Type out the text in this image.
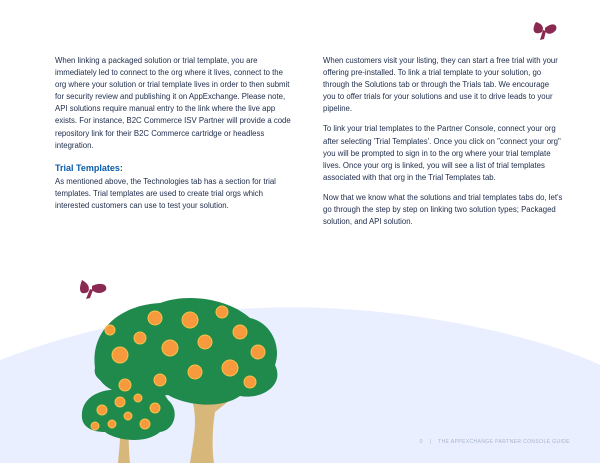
When linking a packaged solution or trial template, you are immediately led to connect to the org where it lives, connect to the org where your solution or trial template lives in order to then submit for security review and publishing it on AppExchange. Please note, API solutions require manual entry to the link where the live app exists. For instance, B2C Commerce ISV Partner will provide a code repository link for their B2C Commerce cartridge or headless integration.

Trial Templates:

As mentioned above, the Technologies tab has a section for trial templates. Trial templates are used to create trial orgs which interested customers can use to test your solution.

When customers visit your listing, they can start a free trial with your offering pre-installed. To link a trial template to your solution, go through the Solutions tab or through the Trials tab. We encourage you to offer trials for your solutions and use it to drive leads to your pipeline.

To link your trial templates to the Partner Console, connect your org after selecting 'Trial Templates'. Once you click on "connect your org" you will be prompted to sign in to the org where your trial template lives. Once your org is linked, you will see a list of trial templates associated with that org in the Trial Templates tab.

Now that we know what the solutions and trial templates tabs do, let's go through the step by step on linking two solution types; Packaged solution, and API solution.

0 | THE APPEXCHANGE PARTNER CONSOLE GUIDE
